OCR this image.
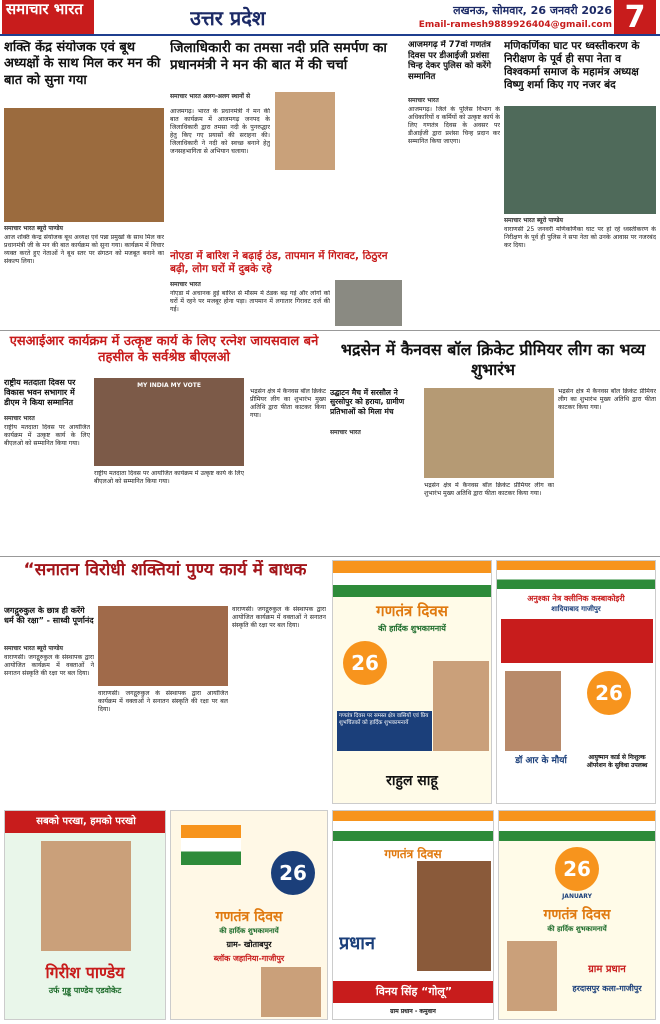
समाचार भारत	उत्तर प्रदेश	लखनऊ, सोमवार, 26 जनवरी 2026
Email-ramesh9889926404@gmail.com 7
शक्ति केंद्र संयोजक एवं बूथ अध्यक्षों के साथ मिल कर मन की बात को सुना गया
समाचार भारत ब्यूरो पाण्डेय
आज शक्ति केन्द्र संयोजक बूथ अध्यक्ष एवं पन्ना प्रमुखों के साथ मिल कर प्रधानमंत्री जी के मन की बात कार्यक्रम को सुना गया। कार्यक्रम में विचार व्यक्त करते हुए नेताओं ने बूथ स्तर पर संगठन को मजबूत बनाने का संकल्प लिया।
जिलाधिकारी का तमसा नदी प्रति समर्पण का प्रधानमंत्री ने मन की बात में की चर्चा
समाचार भारत अलग-अलग स्थानों से
आजमगढ़। भारत के प्रधानमंत्री ने मन की बात कार्यक्रम में आजमगढ़ जनपद के जिलाधिकारी द्वारा तमसा नदी के पुनरुद्धार हेतु किए गए प्रयासों की सराहना की। जिलाधिकारी ने नदी को स्वच्छ बनाने हेतु जनसहभागिता से अभियान चलाया।
आजमगढ़ में 77वां गणतंत्र दिवस पर डीआईजी प्रशंसा चिन्ह देकर पुलिस को करेंगे सम्मानित
समाचार भारत
आजमगढ़। जिले के पुलिस विभाग के अधिकारियों व कर्मियों को उत्कृष्ट कार्य के लिए गणतंत्र दिवस के अवसर पर डीआईजी द्वारा प्रशंसा चिन्ह प्रदान कर सम्मानित किया जाएगा।
मणिकर्णिका घाट पर ध्वस्तीकरण के निरीक्षण के पूर्व ही सपा नेता व विश्वकर्मा समाज के महामंत्र अध्यक्ष विष्णु शर्मा किए गए नजर बंद
समाचार भारत ब्यूरो पाण्डेय
वाराणसी 25 जनवरी मणिकर्णिका घाट पर हो रहे ध्वस्तीकरण के निरीक्षण के पूर्व ही पुलिस ने सपा नेता को उनके आवास पर नजरबंद कर दिया।
नोएडा में बारिश ने बढ़ाई ठंड, तापमान में गिरावट, ठिठुरन बढ़ी, लोग घरों में दुबके रहे
समाचार भारत
नोएडा में अचानक हुई बारिश से मौसम में ठंडक बढ़ गई और लोगों को घरों में रहने पर मजबूर होना पड़ा। तापमान में लगातार गिरावट दर्ज की गई।
एसआईआर कार्यक्रम में उत्कृष्ट कार्य के लिए रत्नेश जायसवाल बने तहसील के सर्वश्रेष्ठ बीएलओ
राष्ट्रीय मतदाता दिवस पर विकास भवन सभागार में डीएम ने किया सम्मानित
समाचार भारत
राष्ट्रीय मतदाता दिवस पर आयोजित कार्यक्रम में उत्कृष्ट कार्य के लिए बीएलओ को सम्मानित किया गया।
MY INDIA MY VOTE
राष्ट्रीय मतदाता दिवस पर आयोजित कार्यक्रम में उत्कृष्ट कार्य के लिए बीएलओ को सम्मानित किया गया।
भद्रसेन में कैनवस बॉल क्रिकेट प्रीमियर लीग का भव्य शुभारंभ
उद्घाटन मैच में सरसौल ने सुरसोपुर को हराया, ग्रामीण प्रतिभाओं को मिला मंच
समाचार भारत
भद्रसेन क्षेत्र में कैनवस बॉल क्रिकेट प्रीमियर लीग का शुभारंभ मुख्य अतिथि द्वारा फीता काटकर किया गया।
भद्रसेन क्षेत्र में कैनवस बॉल क्रिकेट प्रीमियर लीग का शुभारंभ मुख्य अतिथि द्वारा फीता काटकर किया गया।
भद्रसेन क्षेत्र में कैनवस बॉल क्रिकेट प्रीमियर लीग का शुभारंभ मुख्य अतिथि द्वारा फीता काटकर किया गया।
“सनातन विरोधी शक्तियां पुण्य कार्य में बाधक
जगद्गुरुकुल के छात्र ही करेंगे धर्म की रक्षा” - साध्वी पूर्णानंद
समाचार भारत ब्यूरो पाण्डेय
वाराणसी। जगद्गुरुकुल के संस्थापक द्वारा आयोजित कार्यक्रम में वक्ताओं ने सनातन संस्कृति की रक्षा पर बल दिया।
वाराणसी। जगद्गुरुकुल के संस्थापक द्वारा आयोजित कार्यक्रम में वक्ताओं ने सनातन संस्कृति की रक्षा पर बल दिया।
वाराणसी। जगद्गुरुकुल के संस्थापक द्वारा आयोजित कार्यक्रम में वक्ताओं ने सनातन संस्कृति की रक्षा पर बल दिया।
गणतंत्र दिवस
की हार्दिक शुभकामनायें
26
गणतंत्र दिवस पर समस्त क्षेत्र वासियों एवं प्रिय शुभचिंतकों को हार्दिक शुभकामनायें
राहुल साहू
अनुश्का नेत्र क्लीनिक कस्बाकोइरी
शादियाबाद गाजीपुर
26
डॉ आर के मौर्या	आयुष्मान कार्ड से निःशुल्क ऑपरेशन के सुविधा उपलब्ध
सबको परखा, हमको परखो
गिरीश पाण्डेय
उर्फ गुड्डू पाण्डेय एडवोकेट
26
गणतंत्र दिवस
की हार्दिक शुभकामनायें
ग्राम- खोताबपुर
ब्लॉक जहानिया-गाजीपुर
गणतंत्र दिवस
प्रधान
विनय सिंह “गोलू”
ग्राम प्रधान - कमुवान
26
JANUARY
गणतंत्र दिवस
की हार्दिक शुभकामनायें
ग्राम प्रधान
हरदासपुर कला-गाजीपुर
